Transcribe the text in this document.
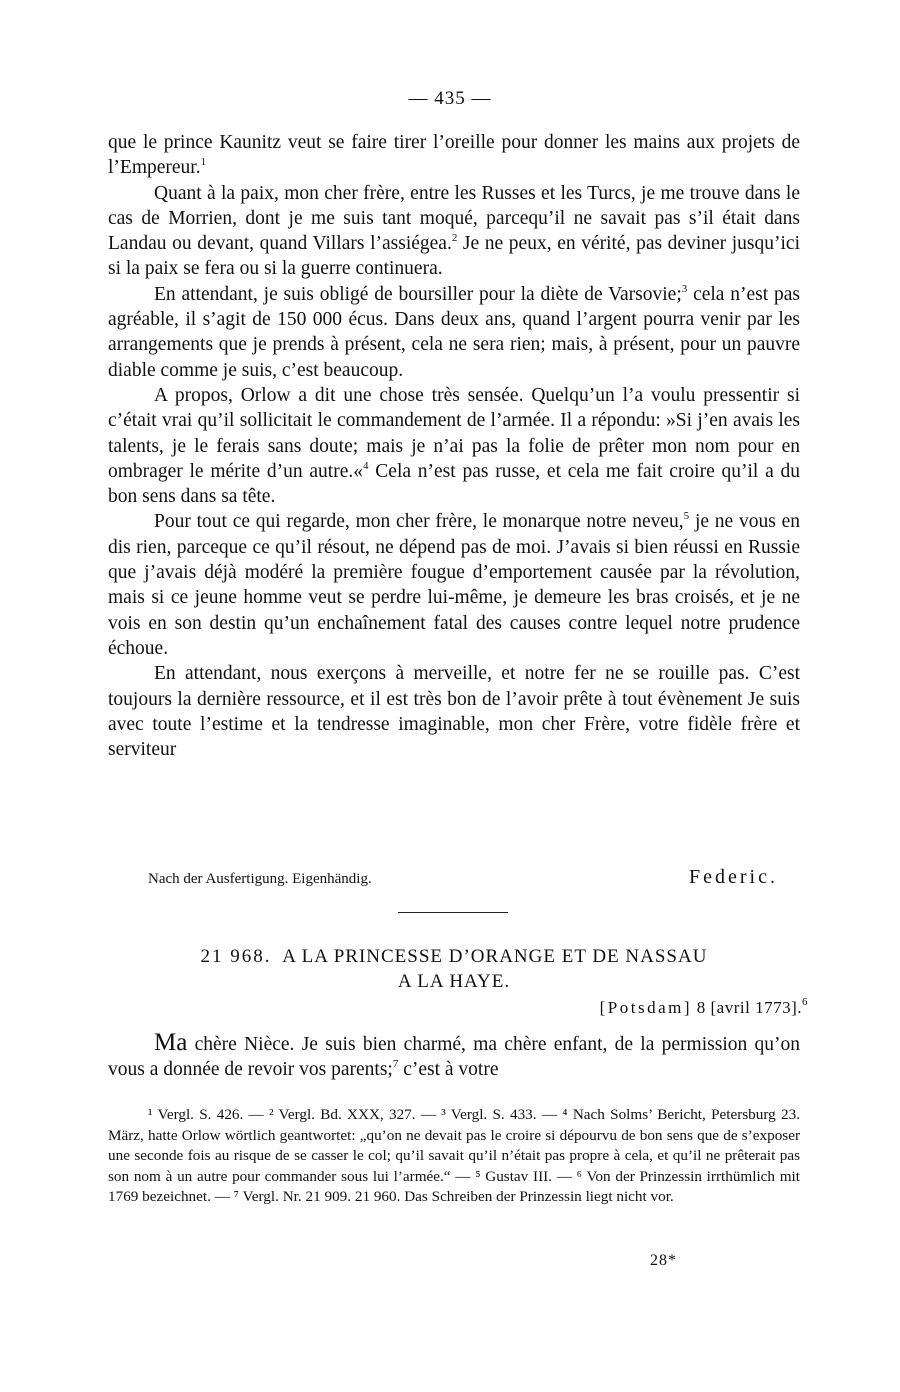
— 435 —

que le prince Kaunitz veut se faire tirer l’oreille pour donner les mains aux projets de l’Empereur.$^1$

Quant à la paix, mon cher frère, entre les Russes et les Turcs, je me trouve dans le cas de Morrien, dont je me suis tant moqué, parcequ’il ne savait pas s’il était dans Landau ou devant, quand Villars l’assiégea.$^2$ Je ne peux, en vérité, pas deviner jusqu’ici si la paix se fera ou si la guerre continuera.

En attendant, je suis obligé de boursiller pour la diète de Varsovie;$^3$ cela n’est pas agréable, il s’agit de 150 000 écus. Dans deux ans, quand l’argent pourra venir par les arrangements que je prends à présent, cela ne sera rien; mais, à présent, pour un pauvre diable comme je suis, c’est beaucoup.

A propos, Orlow a dit une chose très sensée. Quelqu’un l’a voulu pressentir si c’était vrai qu’il sollicitait le commandement de l’armée. Il a répondu: »Si j’en avais les talents, je le ferais sans doute; mais je n’ai pas la folie de prêter mon nom pour en ombrager le mérite d’un autre.«$^4$ Cela n’est pas russe, et cela me fait croire qu’il a du bon sens dans sa tête.

Pour tout ce qui regarde, mon cher frère, le monarque notre neveu,$^5$ je ne vous en dis rien, parceque ce qu’il résout, ne dépend pas de moi. J’avais si bien réussi en Russie que j’avais déjà modéré la première fougue d’emportement causée par la révolution, mais si ce jeune homme veut se perdre lui-même, je demeure les bras croisés, et je ne vois en son destin qu’un enchaînement fatal des causes contre lequel notre prudence échoue.

En attendant, nous exerçons à merveille, et notre fer ne se rouille pas. C’est toujours la dernière ressource, et il est très bon de l’avoir prête à tout évènement Je suis avec toute l’estime et la tendresse imaginable, mon cher Frère, votre fidèle frère et serviteur

Nach der Ausfertigung. Eigenhändig.	Federic.
21 968. A LA PRINCESSE D’ORANGE ET DE NASSAU
A LA HAYE.
[Potsdam] 8 [avril 1773].$^6$
Ma chère Nièce. Je suis bien charmé, ma chère enfant, de la permission qu’on vous a donnée de revoir vos parents;$^7$ c’est à votre

¹ Vergl. S. 426. — ² Vergl. Bd. XXX, 327. — ³ Vergl. S. 433. — ⁴ Nach Solms’ Bericht, Petersburg 23. März, hatte Orlow wörtlich geantwortet: „qu’on ne devait pas le croire si dépourvu de bon sens que de s’exposer une seconde fois au risque de se casser le col; qu’il savait qu’il n’était pas propre à cela, et qu’il ne prêterait pas son nom à un autre pour commander sous lui l’armée.“ — ⁵ Gustav III. — ⁶ Von der Prinzessin irrthümlich mit 1769 bezeichnet. — ⁷ Vergl. Nr. 21 909. 21 960. Das Schreiben der Prinzessin liegt nicht vor.

28*
